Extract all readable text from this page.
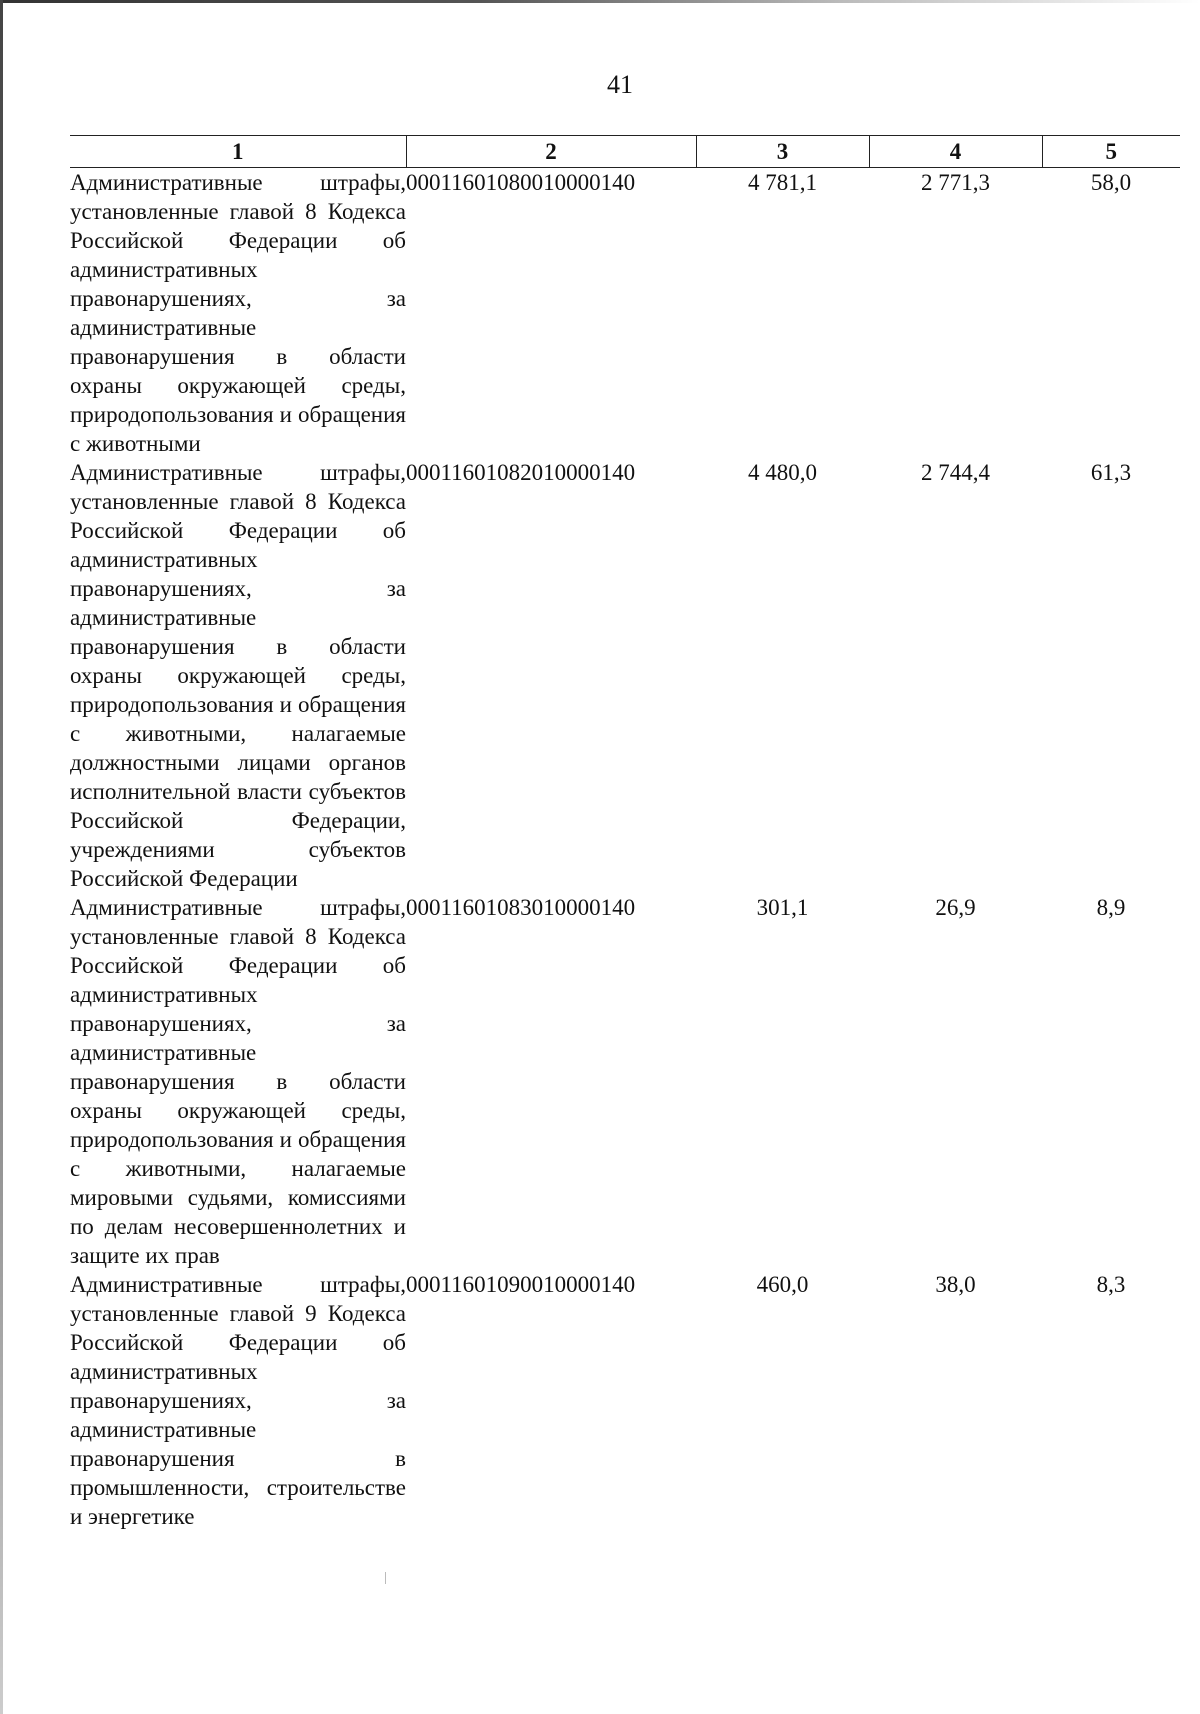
41
1	2	3	4	5
Административные штрафы, установленные главой 8 Кодекса Российской Федерации об административных правонарушениях, за административные правонарушения в области охраны окружающей среды, природопользования и обращения с животными	00011601080010000140	4 781,1	2 771,3	58,0
Административные штрафы, установленные главой 8 Кодекса Российской Федерации об административных правонарушениях, за административные правонарушения в области охраны окружающей среды, природопользования и обращения с животными, налагаемые должностными лицами органов исполнительной власти субъектов Российской Федерации, учреждениями субъектов Российской Федерации	00011601082010000140	4 480,0	2 744,4	61,3
Административные штрафы, установленные главой 8 Кодекса Российской Федерации об административных правонарушениях, за административные правонарушения в области охраны окружающей среды, природопользования и обращения с животными, налагаемые мировыми судьями, комиссиями по делам несовершеннолетних и защите их прав	00011601083010000140	301,1	26,9	8,9
Административные штрафы, установленные главой 9 Кодекса Российской Федерации об административных правонарушениях, за административные правонарушения в промышленности, строительстве и энергетике	00011601090010000140	460,0	38,0	8,3
